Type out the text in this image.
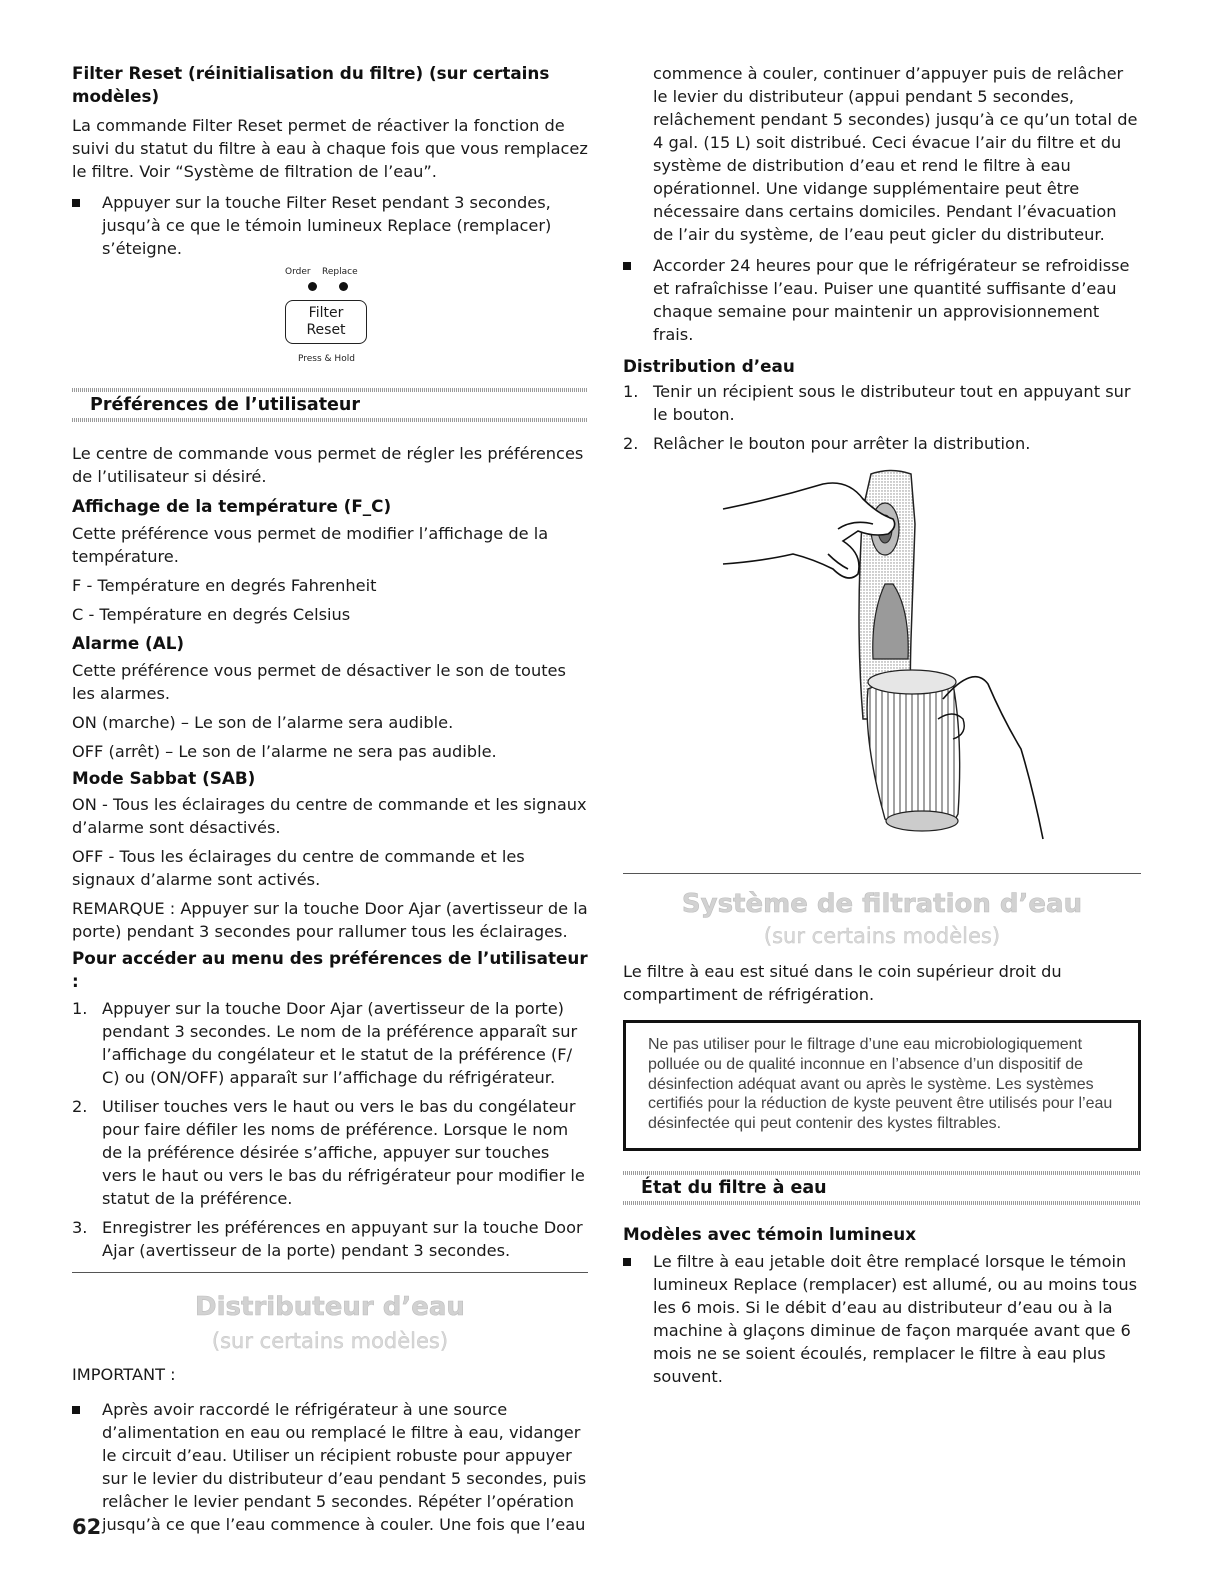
Filter Reset (réinitialisation du filtre) (sur certains modèles)

La commande Filter Reset permet de réactiver la fonction de suivi du statut du filtre à eau à chaque fois que vous remplacez le filtre. Voir “Système de filtration de l’eau”.

Appuyer sur la touche Filter Reset pendant 3 secondes, jusqu’à ce que le témoin lumineux Replace (remplacer) s’éteigne.
Order Replace
Filter
Reset
Press & Hold
Préférences de l’utilisateur

Le centre de commande vous permet de régler les préférences de l’utilisateur si désiré.

Affichage de la température (F_C)

Cette préférence vous permet de modifier l’affichage de la température.

F - Température en degrés Fahrenheit

C - Température en degrés Celsius

Alarme (AL)

Cette préférence vous permet de désactiver le son de toutes les alarmes.

ON (marche) – Le son de l’alarme sera audible.

OFF (arrêt) – Le son de l’alarme ne sera pas audible.

Mode Sabbat (SAB)

ON - Tous les éclairages du centre de commande et les signaux d’alarme sont désactivés.

OFF - Tous les éclairages du centre de commande et les signaux d’alarme sont activés.

REMARQUE : Appuyer sur la touche Door Ajar (avertisseur de la porte) pendant 3 secondes pour rallumer tous les éclairages.

Pour accéder au menu des préférences de l’utilisateur :

1. Appuyer sur la touche Door Ajar (avertisseur de la porte) pendant 3 secondes. Le nom de la préférence apparaît sur l’affichage du congélateur et le statut de la préférence (F/ C) ou (ON/OFF) apparaît sur l’affichage du réfrigérateur.
2. Utiliser touches vers le haut ou vers le bas du congélateur pour faire défiler les noms de préférence. Lorsque le nom de la préférence désirée s’affiche, appuyer sur touches vers le haut ou vers le bas du réfrigérateur pour modifier le statut de la préférence.
3. Enregistrer les préférences en appuyant sur la touche Door Ajar (avertisseur de la porte) pendant 3 secondes.
Distributeur d’eau
(sur certains modèles)

IMPORTANT :

Après avoir raccordé le réfrigérateur à une source d’alimentation en eau ou remplacé le filtre à eau, vidanger le circuit d’eau. Utiliser un récipient robuste pour appuyer sur le levier du distributeur d’eau pendant 5 secondes, puis relâcher le levier pendant 5 secondes. Répéter l’opération jusqu’à ce que l’eau commence à couler. Une fois que l’eau

commence à couler, continuer d’appuyer puis de relâcher le levier du distributeur (appui pendant 5 secondes, relâchement pendant 5 secondes) jusqu’à ce qu’un total de 4 gal. (15 L) soit distribué. Ceci évacue l’air du filtre et du système de distribution d’eau et rend le filtre à eau opérationnel. Une vidange supplémentaire peut être nécessaire dans certains domiciles. Pendant l’évacuation de l’air du système, de l’eau peut gicler du distributeur.

Accorder 24 heures pour que le réfrigérateur se refroidisse et rafraîchisse l’eau. Puiser une quantité suffisante d’eau chaque semaine pour maintenir un approvisionnement frais.

Distribution d’eau

1. Tenir un récipient sous le distributeur tout en appuyant sur le bouton.
2. Relâcher le bouton pour arrêter la distribution.
Système de filtration d’eau
(sur certains modèles)

Le filtre à eau est situé dans le coin supérieur droit du compartiment de réfrigération.

Ne pas utiliser pour le filtrage d’une eau microbiologiquement polluée ou de qualité inconnue en l’absence d’un dispositif de désinfection adéquat avant ou après le système. Les systèmes certifiés pour la réduction de kyste peuvent être utilisés pour l’eau désinfectée qui peut contenir des kystes filtrables.
État du filtre à eau

Modèles avec témoin lumineux

Le filtre à eau jetable doit être remplacé lorsque le témoin lumineux Replace (remplacer) est allumé, ou au moins tous les 6 mois. Si le débit d’eau au distributeur d’eau ou à la machine à glaçons diminue de façon marquée avant que 6 mois ne se soient écoulés, remplacer le filtre à eau plus souvent.
62
